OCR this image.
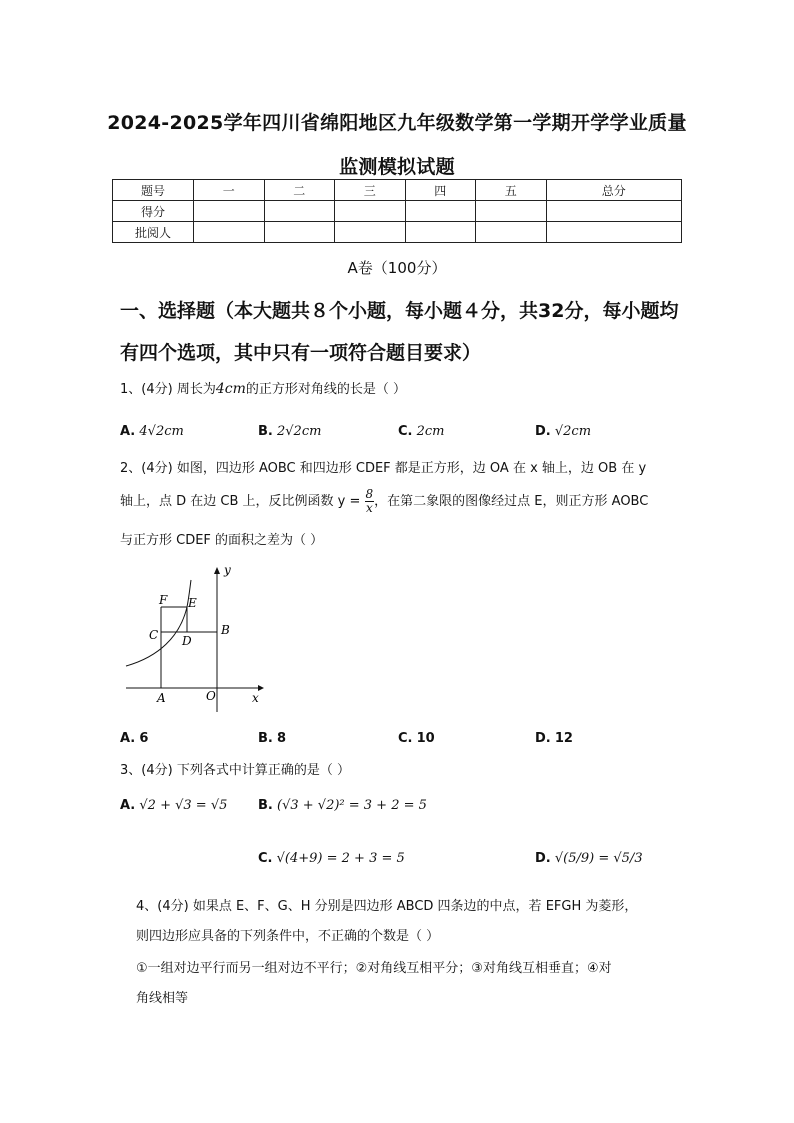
2024-2025学年四川省绵阳地区九年级数学第一学期开学学业质量
监测模拟试题
题号	一	二	三	四	五	总分
得分						
批阅人						
A卷（100分）
一、选择题（本大题共８个小题，每小题４分，共32分，每小题均
有四个选项，其中只有一项符合题目要求）
1、(4分) 周长为4cm的正方形对角线的长是（ ）
A. 4√2cm	B. 2√2cm	C. 2cm	D. √2cm
2、(4分) 如图，四边形 AOBC 和四边形 CDEF 都是正方形，边 OA 在 x 轴上，边 OB 在 y
轴上，点 D 在边 CB 上，反比例函数 $y = \frac{8}{x}$ ，在第二象限的图像经过点 E，则正方形 AOBC
与正方形 CDEF 的面积之差为（ ）
y
x
F E
C D
B
A	O
A. 6	B. 8	C. 10	D. 12
3、(4分) 下列各式中计算正确的是（ ）
A. √2 + √3 = √5 B. (√3 + √2)² = 3 + 2 = 5
C. √(4+9) = 2 + 3 = 5	D. √(5/9) = √5/3
4、(4分) 如果点 E、F、G、H 分别是四边形 ABCD 四条边的中点，若 EFGH 为菱形，
则四边形应具备的下列条件中，不正确的个数是（ ）
①一组对边平行而另一组对边不平行；②对角线互相平分；③对角线互相垂直；④对
角线相等
